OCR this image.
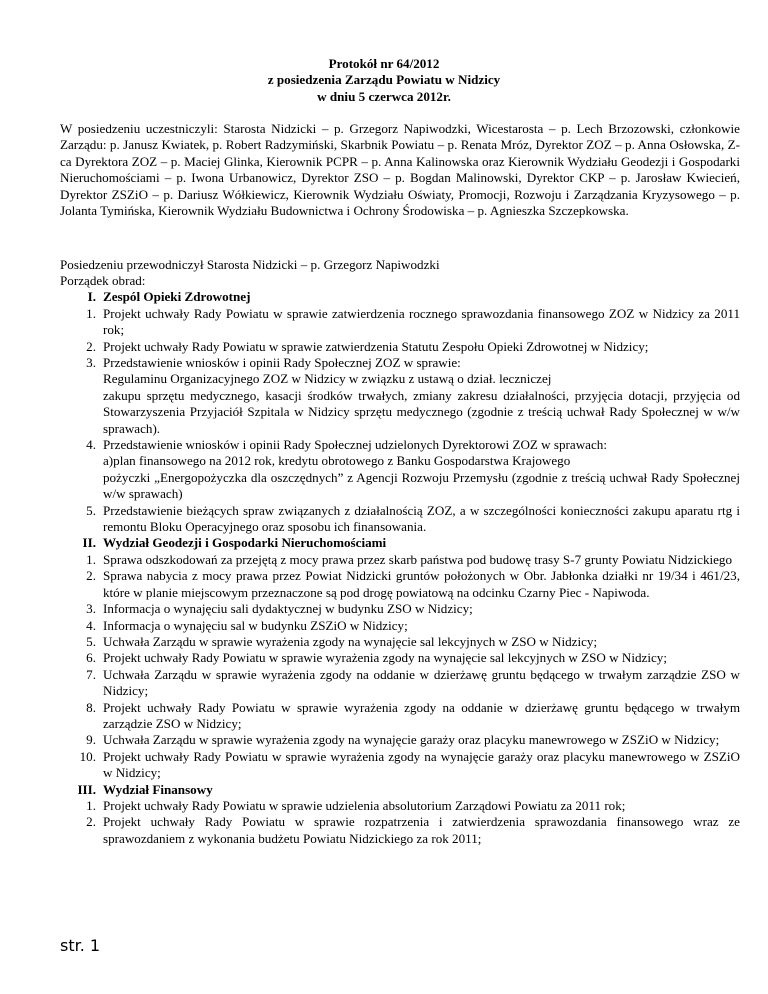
Protokół nr 64/2012
z posiedzenia Zarządu Powiatu w Nidzicy
w dniu 5 czerwca 2012r.
W posiedzeniu uczestniczyli: Starosta Nidzicki – p. Grzegorz Napiwodzki, Wicestarosta – p. Lech Brzozowski, członkowie Zarządu: p. Janusz Kwiatek, p. Robert Radzymiński, Skarbnik Powiatu – p. Renata Mróz, Dyrektor ZOZ – p. Anna Osłowska, Z-ca Dyrektora ZOZ – p. Maciej Glinka, Kierownik PCPR – p. Anna Kalinowska oraz Kierownik Wydziału Geodezji i Gospodarki Nieruchomościami – p. Iwona Urbanowicz, Dyrektor ZSO – p. Bogdan Malinowski, Dyrektor CKP – p. Jarosław Kwiecień, Dyrektor ZSZiO – p. Dariusz Wółkiewicz, Kierownik Wydziału Oświaty, Promocji, Rozwoju i Zarządzania Kryzysowego – p. Jolanta Tymińska, Kierownik Wydziału Budownictwa i Ochrony Środowiska – p. Agnieszka Szczepkowska.
Posiedzeniu przewodniczył Starosta Nidzicki – p. Grzegorz Napiwodzki
Porządek obrad:
I. Zespól Opieki Zdrowotnej
1. Projekt uchwały Rady Powiatu w sprawie zatwierdzenia rocznego sprawozdania finansowego ZOZ w Nidzicy za 2011 rok;
2. Projekt uchwały Rady Powiatu w sprawie zatwierdzenia Statutu Zespołu Opieki Zdrowotnej w Nidzicy;
3. Przedstawienie wniosków i opinii Rady Społecznej ZOZ w sprawie:
Regulaminu Organizacyjnego ZOZ w Nidzicy w związku z ustawą o dział. leczniczej
zakupu sprzętu medycznego, kasacji środków trwałych, zmiany zakresu działalności, przyjęcia dotacji, przyjęcia od Stowarzyszenia Przyjaciół Szpitala w Nidzicy sprzętu medycznego (zgodnie z treścią uchwał Rady Społecznej w w/w sprawach).
4. Przedstawienie wniosków i opinii Rady Społecznej udzielonych Dyrektorowi ZOZ w sprawach:
a)plan finansowego na 2012 rok, kredytu obrotowego z Banku Gospodarstwa Krajowego
pożyczki „Energopożyczka dla oszczędnych” z Agencji Rozwoju Przemysłu (zgodnie z treścią uchwał Rady Społecznej w/w sprawach)
5. Przedstawienie bieżących spraw związanych z działalnością ZOZ, a w szczególności konieczności zakupu aparatu rtg i remontu Bloku Operacyjnego oraz sposobu ich finansowania.
II. Wydział Geodezji i Gospodarki Nieruchomościami
1. Sprawa odszkodowań za przejętą z mocy prawa przez skarb państwa pod budowę trasy S-7 grunty Powiatu Nidzickiego
2. Sprawa nabycia z mocy prawa przez Powiat Nidzicki gruntów położonych w Obr. Jabłonka działki nr 19/34 i 461/23, które w planie miejscowym przeznaczone są pod drogę powiatową na odcinku Czarny Piec - Napiwoda.
3. Informacja o wynajęciu sali dydaktycznej w budynku ZSO w Nidzicy;
4. Informacja o wynajęciu sal w budynku ZSZiO w Nidzicy;
5. Uchwała Zarządu w sprawie wyrażenia zgody na wynajęcie sal lekcyjnych w ZSO w Nidzicy;
6. Projekt uchwały Rady Powiatu w sprawie wyrażenia zgody na wynajęcie sal lekcyjnych w ZSO w Nidzicy;
7. Uchwała Zarządu w sprawie wyrażenia zgody na oddanie w dzierżawę gruntu będącego w trwałym zarządzie ZSO w Nidzicy;
8. Projekt uchwały Rady Powiatu w sprawie wyrażenia zgody na oddanie w dzierżawę gruntu będącego w trwałym zarządzie ZSO w Nidzicy;
9. Uchwała Zarządu w sprawie wyrażenia zgody na wynajęcie garaży oraz placyku manewrowego w ZSZiO w Nidzicy;
10. Projekt uchwały Rady Powiatu w sprawie wyrażenia zgody na wynajęcie garaży oraz placyku manewrowego w ZSZiO w Nidzicy;
III. Wydział Finansowy
1. Projekt uchwały Rady Powiatu w sprawie udzielenia absolutorium Zarządowi Powiatu za 2011 rok;
2. Projekt uchwały Rady Powiatu w sprawie rozpatrzenia i zatwierdzenia sprawozdania finansowego wraz ze sprawozdaniem z wykonania budżetu Powiatu Nidzickiego za rok 2011;
str. 1
